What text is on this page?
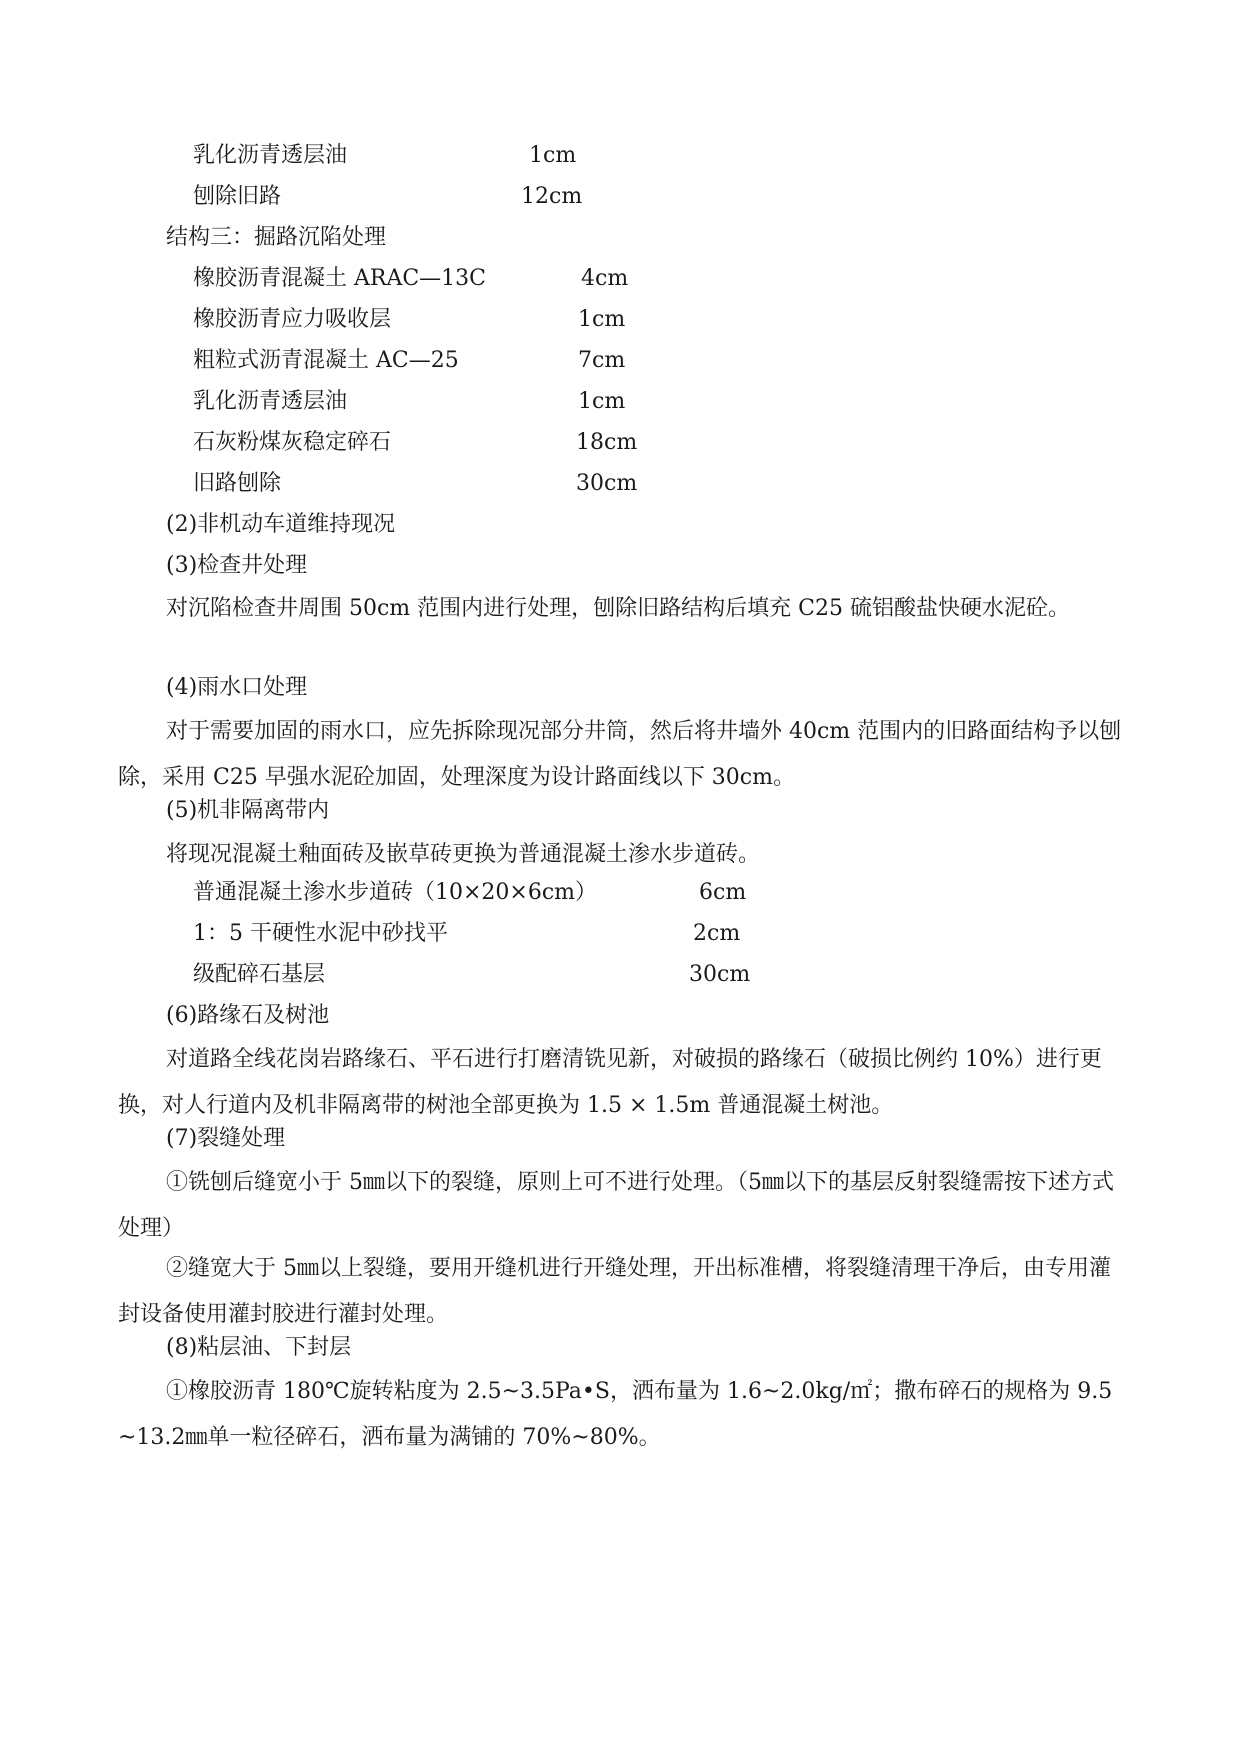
乳化沥青透层油	1cm
刨除旧路	12cm
结构三：掘路沉陷处理
橡胶沥青混凝土 ARAC—13C	4cm
橡胶沥青应力吸收层	1cm
粗粒式沥青混凝土 AC—25	7cm
乳化沥青透层油	1cm
石灰粉煤灰稳定碎石	18cm
旧路刨除	30cm
(2)非机动车道维持现况
(3)检查井处理
对沉陷检查井周围 50cm 范围内进行处理，刨除旧路结构后填充 C25 硫铝酸盐快硬水泥砼。
(4)雨水口处理
对于需要加固的雨水口，应先拆除现况部分井筒，然后将井墙外 40cm 范围内的旧路面结构予以刨除，采用 C25 早强水泥砼加固，处理深度为设计路面线以下 30cm。
(5)机非隔离带内
将现况混凝土釉面砖及嵌草砖更换为普通混凝土渗水步道砖。
普通混凝土渗水步道砖（10×20×6cm）	6cm
1：5 干硬性水泥中砂找平	2cm
级配碎石基层	30cm
(6)路缘石及树池
对道路全线花岗岩路缘石、平石进行打磨清铣见新，对破损的路缘石（破损比例约 10%）进行更换，对人行道内及机非隔离带的树池全部更换为 1.5 × 1.5m 普通混凝土树池。
(7)裂缝处理
①铣刨后缝宽小于 5㎜以下的裂缝，原则上可不进行处理。（5㎜以下的基层反射裂缝需按下述方式处理）
②缝宽大于 5㎜以上裂缝，要用开缝机进行开缝处理，开出标准槽，将裂缝清理干净后，由专用灌封设备使用灌封胶进行灌封处理。
(8)粘层油、下封层
①橡胶沥青 180℃旋转粘度为 2.5~3.5Pa•S，洒布量为 1.6~2.0kg/㎡；撒布碎石的规格为 9.5~13.2㎜单一粒径碎石，洒布量为满铺的 70%~80%。
